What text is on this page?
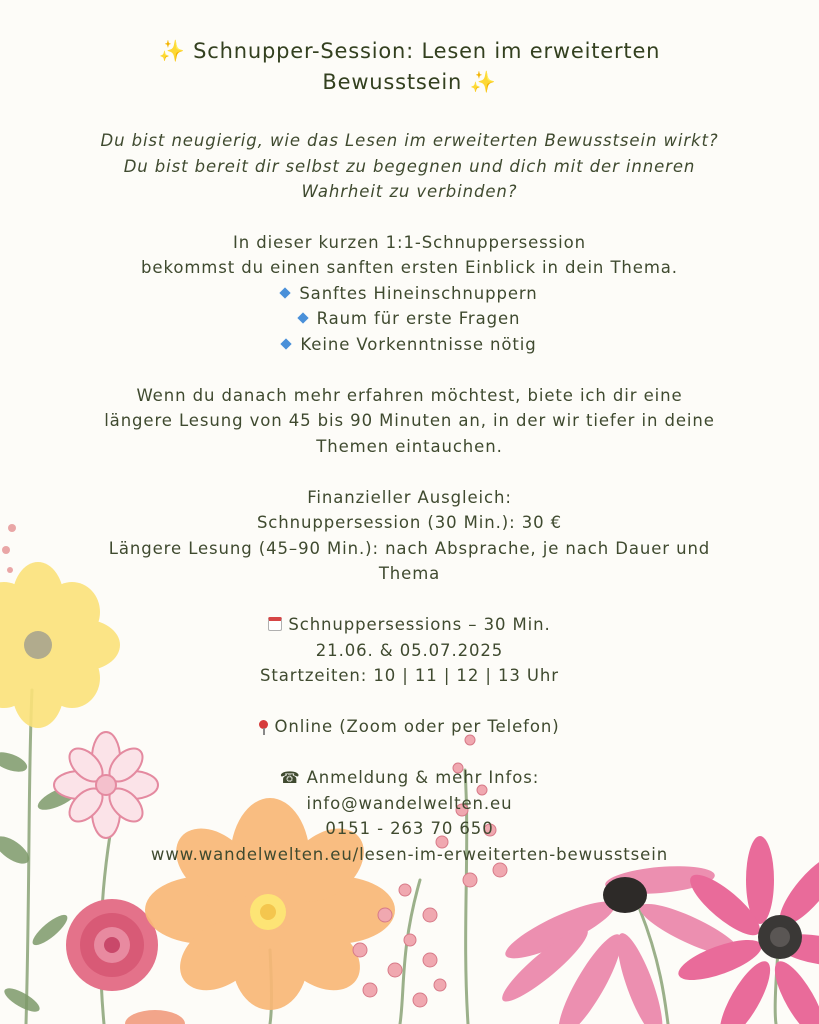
✨ Schnupper-Session: Lesen im erweiterten
Bewusstsein ✨

Du bist neugierig, wie das Lesen im erweiterten Bewusstsein wirkt?
Du bist bereit dir selbst zu begegnen und dich mit der inneren
Wahrheit zu verbinden?

In dieser kurzen 1:1-Schnuppersession
bekommst du einen sanften ersten Einblick in dein Thema.
Sanftes Hineinschnuppern
Raum für erste Fragen
Keine Vorkenntnisse nötig
Wenn du danach mehr erfahren möchtest, biete ich dir eine
längere Lesung von 45 bis 90 Minuten an, in der wir tiefer in deine
Themen eintauchen.
Finanzieller Ausgleich:
Schnuppersession (30 Min.): 30 €
Längere Lesung (45–90 Min.): nach Absprache, je nach Dauer und
Thema
Schnuppersessions – 30 Min.
21.06. & 05.07.2025
Startzeiten: 10 | 11 | 12 | 13 Uhr
Online (Zoom oder per Telefon)
☎ Anmeldung & mehr Infos:
info@wandelwelten.eu
0151 - 263 70 650
www.wandelwelten.eu/lesen-im-erweiterten-bewusstsein
